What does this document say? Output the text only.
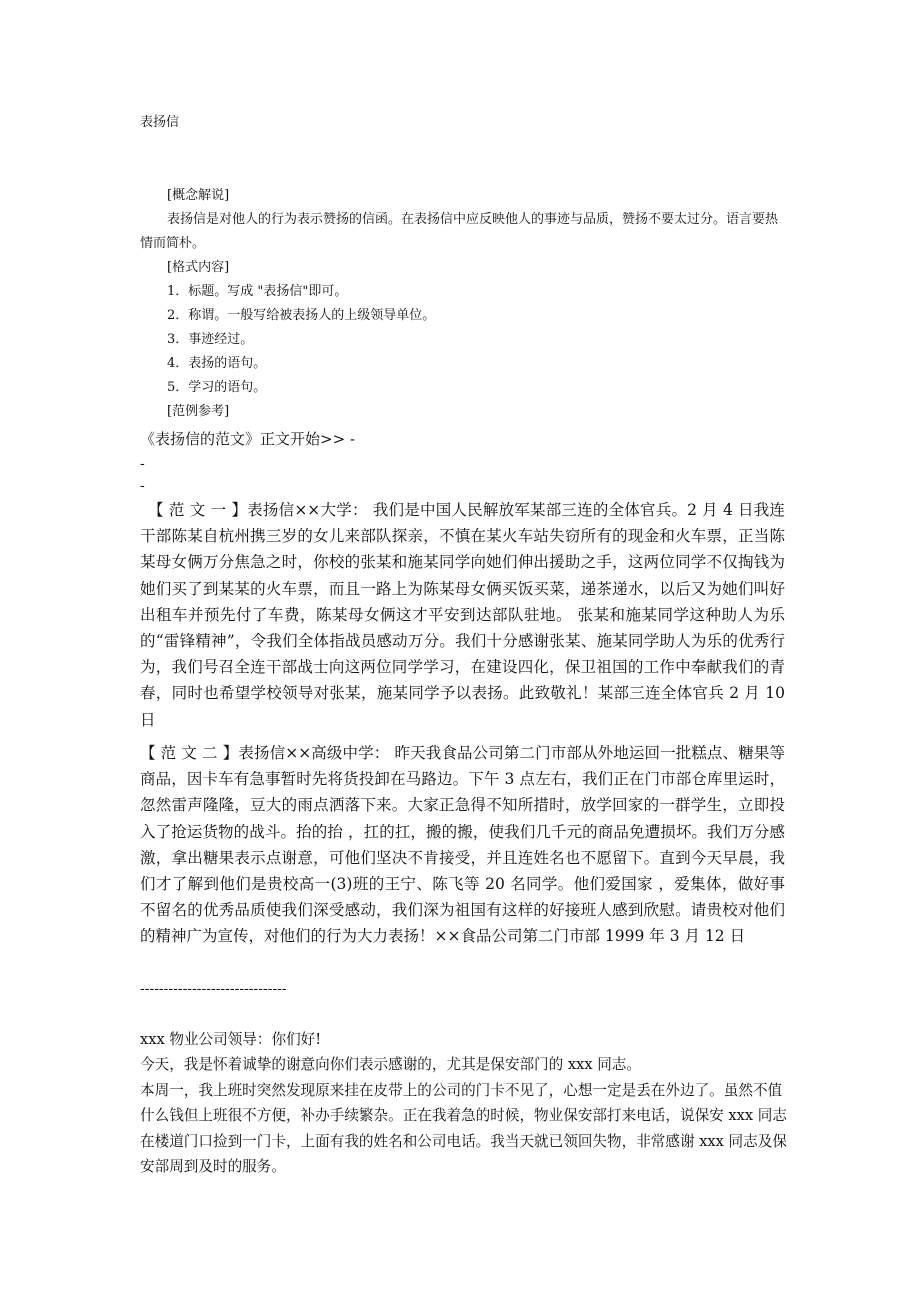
表扬信

[概念解说]

表扬信是对他人的行为表示赞扬的信函。在表扬信中应反映他人的事迹与品质，赞扬不要太过分。语言要热情而简朴。

[格式内容]

1．标题。写成 "表扬信"即可。

2．称谓。一般写给被表扬人的上级领导单位。

3．事迹经过。

4．表扬的语句。

5．学习的语句。

[范例参考]

《表扬信的范文》正文开始>> -
-
-

【 范 文 一 】表扬信××大学： 我们是中国人民解放军某部三连的全体官兵。2 月 4 日我连干部陈某自杭州携三岁的女儿来部队探亲，不慎在某火车站失窃所有的现金和火车票，正当陈某母女俩万分焦急之时，你校的张某和施某同学向她们伸出援助之手，这两位同学不仅掏钱为她们买了到某某的火车票，而且一路上为陈某母女俩买饭买菜，递茶递水，以后又为她们叫好出租车并预先付了车费，陈某母女俩这才平安到达部队驻地。 张某和施某同学这种助人为乐的“雷锋精神”，令我们全体指战员感动万分。我们十分感谢张某、施某同学助人为乐的优秀行为，我们号召全连干部战士向这两位同学学习，在建设四化，保卫祖国的工作中奉献我们的青春，同时也希望学校领导对张某，施某同学予以表扬。此致敬礼！某部三连全体官兵 2 月 10 日

【 范 文 二 】表扬信××高级中学： 昨天我食品公司第二门市部从外地运回一批糕点、糖果等商品，因卡车有急事暂时先将货投卸在马路边。下午 3 点左右，我们正在门市部仓库里运时，忽然雷声隆隆，豆大的雨点洒落下来。大家正急得不知所措时，放学回家的一群学生，立即投入了抢运货物的战斗。抬的抬 ，扛的扛，搬的搬，使我们几千元的商品免遭损坏。我们万分感激，拿出糖果表示点谢意，可他们坚决不肯接受，并且连姓名也不愿留下。直到今天早晨，我们才了解到他们是贵校高一(3)班的王宁、陈飞等 20 名同学。他们爱国家 ，爱集体，做好事不留名的优秀品质使我们深受感动，我们深为祖国有这样的好接班人感到欣慰。请贵校对他们的精神广为宣传，对他们的行为大力表扬！××食品公司第二门市部 1999 年 3 月 12 日

-------------------------------

xxx 物业公司领导：你们好!

今天，我是怀着诚挚的谢意向你们表示感谢的，尤其是保安部门的 xxx 同志。

本周一，我上班时突然发现原来挂在皮带上的公司的门卡不见了，心想一定是丢在外边了。虽然不值什么钱但上班很不方便，补办手续繁杂。正在我着急的时候，物业保安部打来电话，说保安 xxx 同志在楼道门口捡到一门卡，上面有我的姓名和公司电话。我当天就已领回失物，非常感谢 xxx 同志及保安部周到及时的服务。
